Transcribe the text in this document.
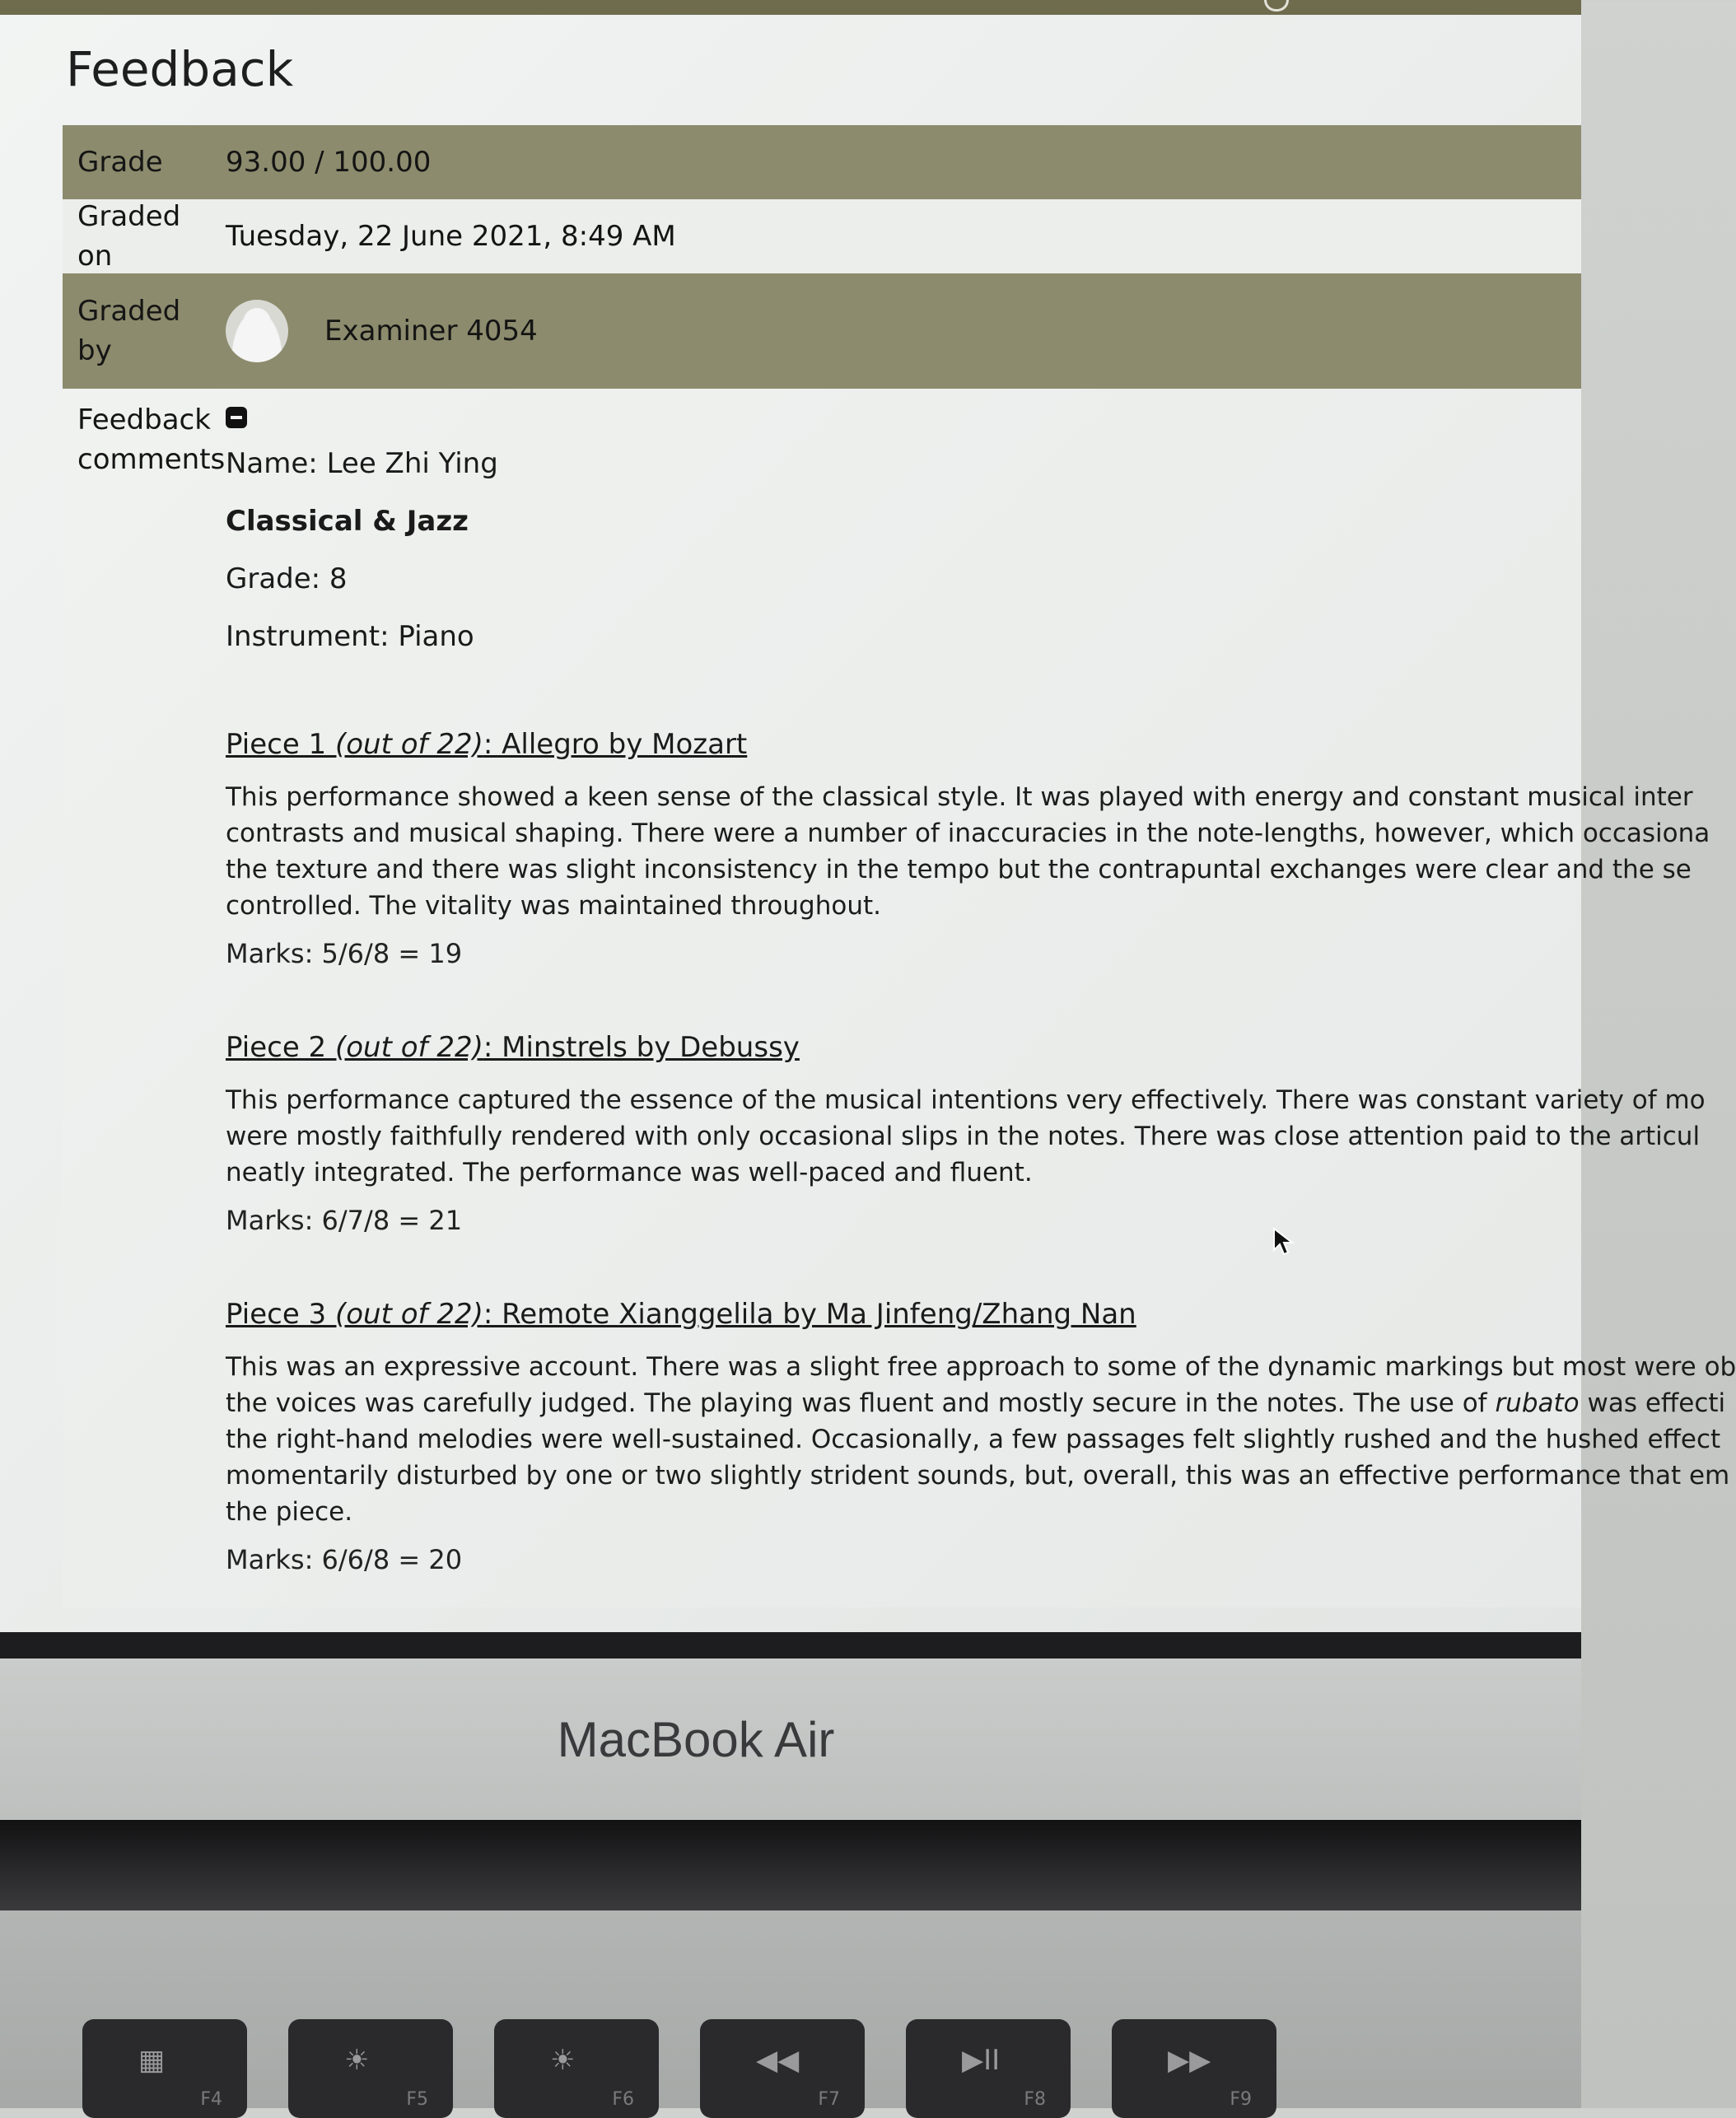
Feedback
Grade	93.00 / 100.00
Graded on
Tuesday, 22 June 2021, 8:49 AM
Graded by
Examiner 4054
Feedback
comments Name: Lee Zhi Ying
Classical & Jazz
Grade: 8
Instrument: Piano
Piece 1 (out of 22): Allegro by Mozart
This performance showed a keen sense of the classical style. It was played with energy and constant musical inter
contrasts and musical shaping. There were a number of inaccuracies in the note-lengths, however, which occasiona
the texture and there was slight inconsistency in the tempo but the contrapuntal exchanges were clear and the se
controlled. The vitality was maintained throughout.
Marks: 5/6/8 = 19
Piece 2 (out of 22): Minstrels by Debussy
This performance captured the essence of the musical intentions very effectively. There was constant variety of mo
were mostly faithfully rendered with only occasional slips in the notes. There was close attention paid to the articul
neatly integrated. The performance was well-paced and fluent.
Marks: 6/7/8 = 21
Piece 3 (out of 22): Remote Xianggelila by Ma Jinfeng/Zhang Nan
This was an expressive account. There was a slight free approach to some of the dynamic markings but most were ob
the voices was carefully judged. The playing was fluent and mostly secure in the notes. The use of rubato was effecti
the right-hand melodies were well-sustained. Occasionally, a few passages felt slightly rushed and the hushed effect
momentarily disturbed by one or two slightly strident sounds, but, overall, this was an effective performance that em
the piece.
Marks: 6/6/8 = 20
MacBook Air
▦
F4
☀
F5
☀
F6
◀◀
F7
▶II
F8
▶▶
F9
